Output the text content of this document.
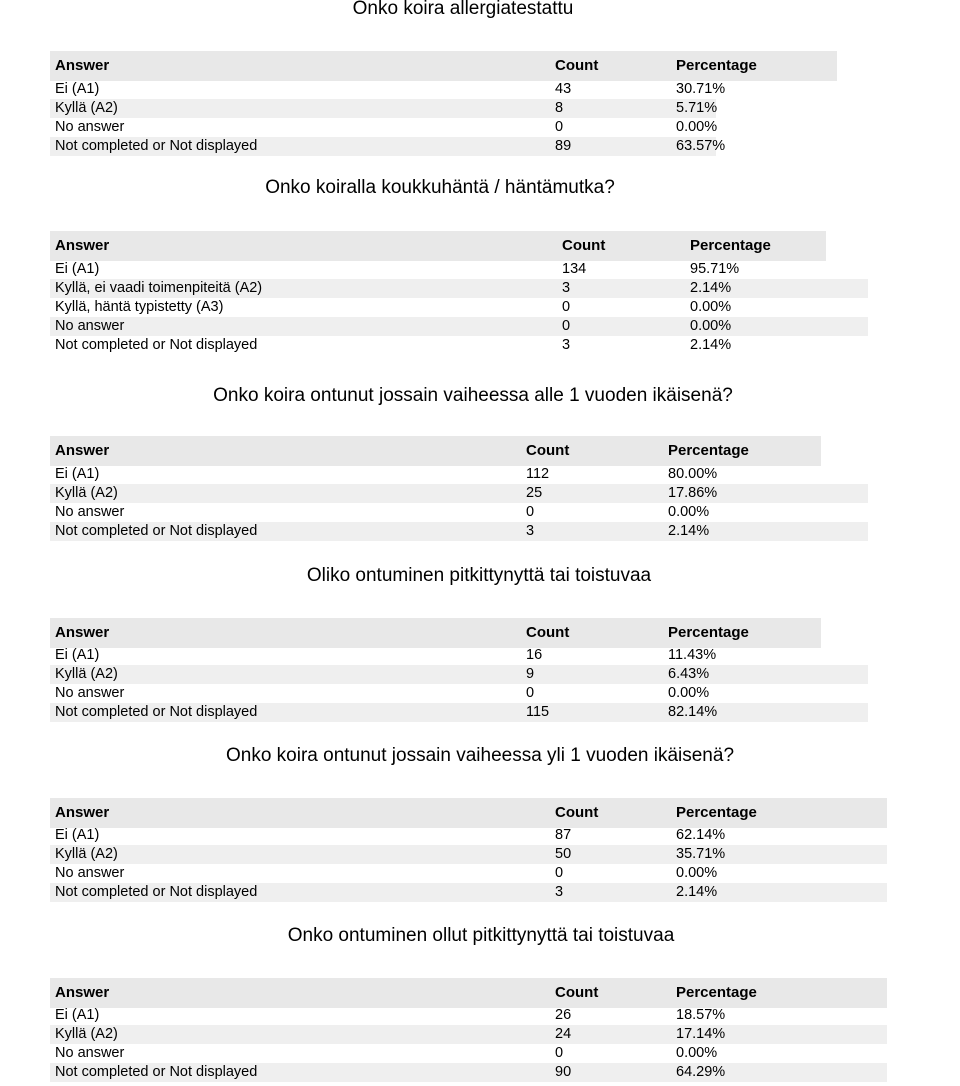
Onko koira allergiatestattu
Answer	Count	Percentage
Ei (A1)	43	30.71%
Kyllä (A2)	8	5.71%
No answer	0	0.00%
Not completed or Not displayed	89	63.57%
Onko koiralla koukkuhäntä / häntämutka?
Answer	Count	Percentage
Ei (A1)	134	95.71%
Kyllä, ei vaadi toimenpiteitä (A2)	3	2.14%
Kyllä, häntä typistetty (A3)	0	0.00%
No answer	0	0.00%
Not completed or Not displayed	3	2.14%
Onko koira ontunut jossain vaiheessa alle 1 vuoden ikäisenä?
Answer	Count	Percentage
Ei (A1)	112	80.00%
Kyllä (A2)	25	17.86%
No answer	0	0.00%
Not completed or Not displayed	3	2.14%
Oliko ontuminen pitkittynyttä tai toistuvaa
Answer	Count	Percentage
Ei (A1)	16	11.43%
Kyllä (A2)	9	6.43%
No answer	0	0.00%
Not completed or Not displayed	115	82.14%
Onko koira ontunut jossain vaiheessa yli 1 vuoden ikäisenä?
Answer	Count	Percentage
Ei (A1)	87	62.14%
Kyllä (A2)	50	35.71%
No answer	0	0.00%
Not completed or Not displayed	3	2.14%
Onko ontuminen ollut pitkittynyttä tai toistuvaa
Answer	Count	Percentage
Ei (A1)	26	18.57%
Kyllä (A2)	24	17.14%
No answer	0	0.00%
Not completed or Not displayed	90	64.29%
